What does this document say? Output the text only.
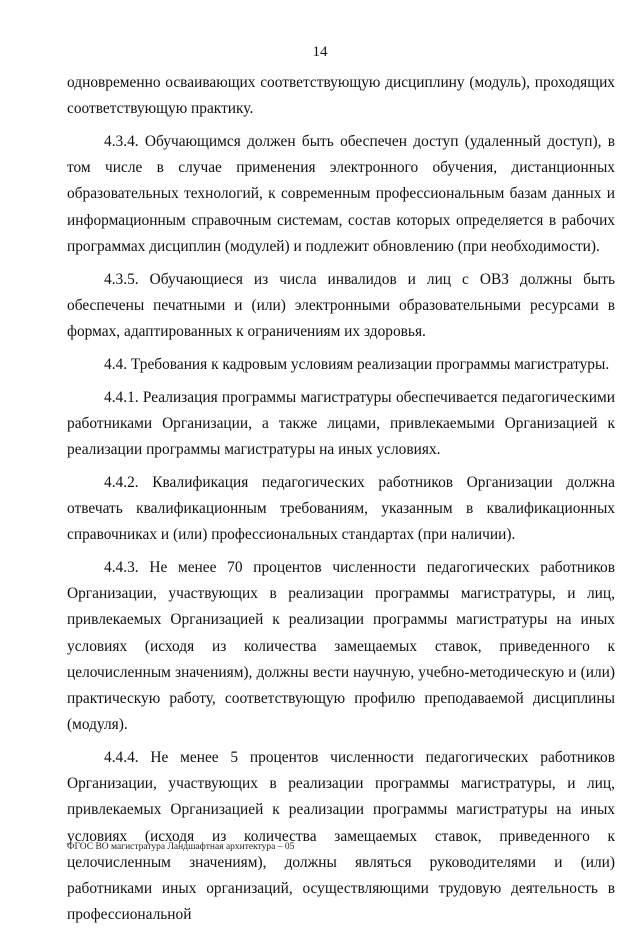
14

одновременно осваивающих соответствующую дисциплину (модуль), проходящих соответствующую практику.

4.3.4. Обучающимся должен быть обеспечен доступ (удаленный доступ), в том числе в случае применения электронного обучения, дистанционных образовательных технологий, к современным профессиональным базам данных и информационным справочным системам, состав которых определяется в рабочих программах дисциплин (модулей) и подлежит обновлению (при необходимости).

4.3.5. Обучающиеся из числа инвалидов и лиц с ОВЗ должны быть обеспечены печатными и (или) электронными образовательными ресурсами в формах, адаптированных к ограничениям их здоровья.

4.4. Требования к кадровым условиям реализации программы магистратуры.

4.4.1. Реализация программы магистратуры обеспечивается педагогическими работниками Организации, а также лицами, привлекаемыми Организацией к реализации программы магистратуры на иных условиях.

4.4.2. Квалификация педагогических работников Организации должна отвечать квалификационным требованиям, указанным в квалификационных справочниках и (или) профессиональных стандартах (при наличии).

4.4.3. Не менее 70 процентов численности педагогических работников Организации, участвующих в реализации программы магистратуры, и лиц, привлекаемых Организацией к реализации программы магистратуры на иных условиях (исходя из количества замещаемых ставок, приведенного к целочисленным значениям), должны вести научную, учебно-методическую и (или) практическую работу, соответствующую профилю преподаваемой дисциплины (модуля).

4.4.4. Не менее 5 процентов численности педагогических работников Организации, участвующих в реализации программы магистратуры, и лиц, привлекаемых Организацией к реализации программы магистратуры на иных условиях (исходя из количества замещаемых ставок, приведенного к целочисленным значениям), должны являться руководителями и (или) работниками иных организаций, осуществляющими трудовую деятельность в профессиональной

ФГОС ВО магистратура Ландшафтная архитектура – 05
